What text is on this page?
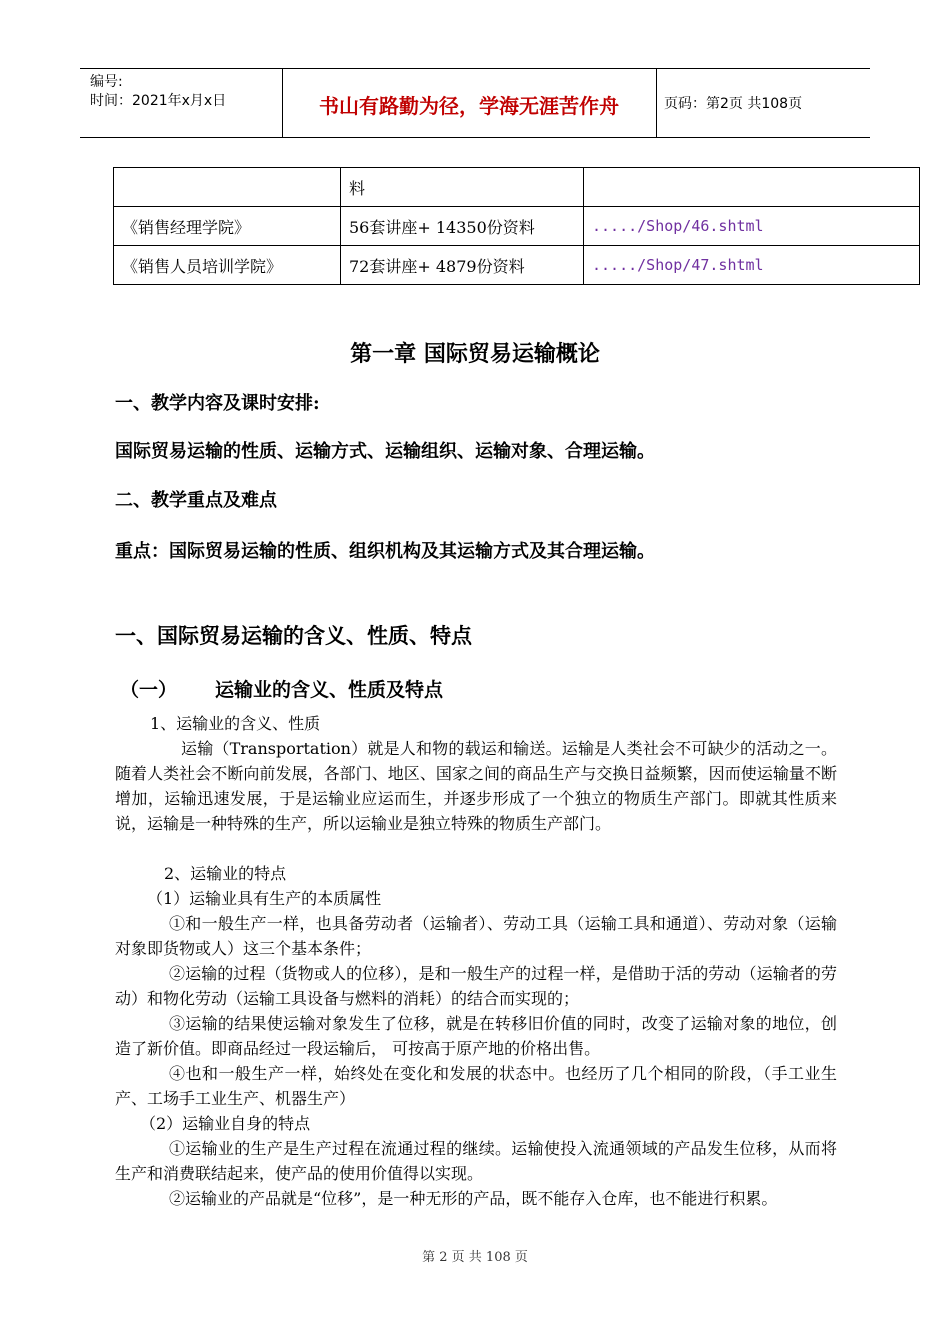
编号:
时间：2021年x月x日	书山有路勤为径，学海无涯苦作舟	页码：第2页 共108页
	料	
《销售经理学院》	56套讲座+ 14350份资料	...../Shop/46.shtml
《销售人员培训学院》	72套讲座+ 4879份资料	...../Shop/47.shtml
第一章 国际贸易运输概论
一、教学内容及课时安排:
国际贸易运输的性质、运输方式、运输组织、运输对象、合理运输。
二、教学重点及难点
重点：国际贸易运输的性质、组织机构及其运输方式及其合理运输。
一、国际贸易运输的含义、性质、特点
（一） 运输业的含义、性质及特点
1、运输业的含义、性质
运输（Transportation）就是人和物的载运和输送。运输是人类社会不可缺少的活动之一。随着人类社会不断向前发展，各部门、地区、国家之间的商品生产与交换日益频繁，因而使运输量不断增加，运输迅速发展，于是运输业应运而生，并逐步形成了一个独立的物质生产部门。即就其性质来说，运输是一种特殊的生产，所以运输业是独立特殊的物质生产部门。
2、运输业的特点
（1）运输业具有生产的本质属性
①和一般生产一样，也具备劳动者（运输者）、劳动工具（运输工具和通道）、劳动对象（运输对象即货物或人）这三个基本条件；
②运输的过程（货物或人的位移），是和一般生产的过程一样，是借助于活的劳动（运输者的劳动）和物化劳动（运输工具设备与燃料的消耗）的结合而实现的；
③运输的结果使运输对象发生了位移，就是在转移旧价值的同时，改变了运输对象的地位，创造了新价值。即商品经过一段运输后， 可按高于原产地的价格出售。
④也和一般生产一样，始终处在变化和发展的状态中。也经历了几个相同的阶段，（手工业生产、工场手工业生产、机器生产）
（2）运输业自身的特点
①运输业的生产是生产过程在流通过程的继续。运输使投入流通领域的产品发生位移，从而将生产和消费联结起来，使产品的使用价值得以实现。
②运输业的产品就是“位移”，是一种无形的产品，既不能存入仓库，也不能进行积累。
第 2 页 共 108 页
